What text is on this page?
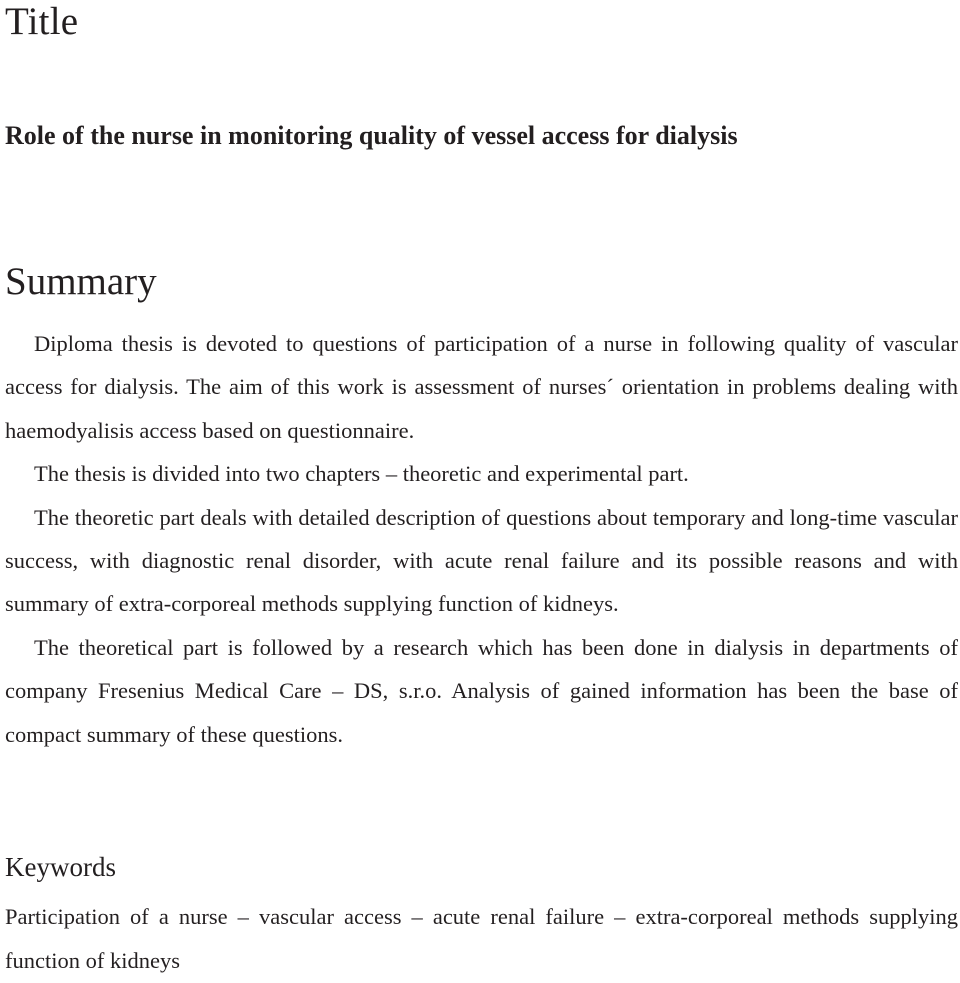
Title
Role of the nurse in monitoring quality of vessel access for dialysis
Summary

Diploma thesis is devoted to questions of participation of a nurse in following quality of vascular access for dialysis. The aim of this work is assessment of nurses´ orientation in problems dealing with haemodyalisis access based on questionnaire.

The thesis is divided into two chapters – theoretic and experimental part.

The theoretic part deals with detailed description of questions about temporary and long-time vascular success, with diagnostic renal disorder, with acute renal failure and its possible reasons and with summary of extra-corporeal methods supplying function of kidneys.

The theoretical part is followed by a research which has been done in dialysis in departments of company Fresenius Medical Care – DS, s.r.o. Analysis of gained information has been the base of compact summary of these questions.

Keywords

Participation of a nurse – vascular access – acute renal failure – extra-corporeal methods supplying function of kidneys
